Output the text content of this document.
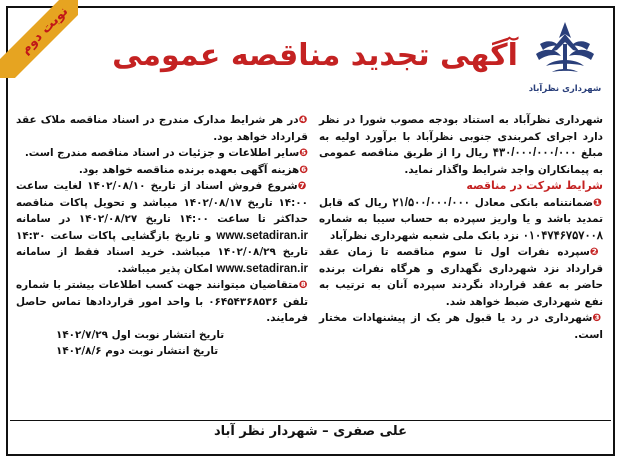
نوبت دوم
شهرداری نظرآباد
آگهی تجدید مناقصه عمومی

شهرداری نظرآباد به استناد بودجه مصوب شورا در نظر دارد اجرای کمربندی جنوبی نظرآباد با برآورد اولیه به مبلغ ۴۳۰/۰۰۰/۰۰۰/۰۰۰ ریال را از طریق مناقصه عمومی به پیمانکاران واجد شرایط واگذار نماید.

شرایط شرکت در مناقصه

❶ضمانتنامه بانکی معادل ۲۱/۵۰۰/۰۰۰/۰۰۰ ریال که قابل تمدید باشد و یا واریز سپرده به حساب سیبا به شماره ۰۱۰۴۷۴۶۷۵۷۰۰۸ نزد بانک ملی شعبه شهرداری نظرآباد

❷سپرده نفرات اول تا سوم مناقصه تا زمان عقد قرارداد نزد شهرداری نگهداری و هرگاه نفرات برنده حاضر به عقد قرارداد نگردند سپرده آنان به ترتیب به نفع شهرداری ضبط خواهد شد.

❸شهرداری در رد یا قبول هر یک از پیشنهادات مختار است.

❹در هر شرایط مدارک مندرج در اسناد مناقصه ملاک عقد قرارداد خواهد بود.

❺سایر اطلاعات و جزئیات در اسناد مناقصه مندرج است.

❻هزینه آگهی بعهده برنده مناقصه خواهد بود.

❼شروع فروش اسناد از تاریخ ۱۴۰۲/۰۸/۱۰ لغایت ساعت ۱۴:۰۰ تاریخ ۱۴۰۲/۰۸/۱۷ میباشد و تحویل پاکات مناقصه حداکثر تا ساعت ۱۴:۰۰ تاریخ ۱۴۰۲/۰۸/۲۷ در سامانه www.setadiran.ir و تاریخ بازگشایی پاکات ساعت ۱۴:۳۰ تاریخ ۱۴۰۲/۰۸/۲۹ میباشد. خرید اسناد فقط از سامانه www.setadiran.ir امکان پذیر میباشد.

❽متقاضیان میتوانند جهت کسب اطلاعات بیشتر با شماره تلفن ۰۶۴۵۴۳۶۸۵۳۶ با واحد امور قراردادها تماس حاصل فرمایند.

تاریخ انتشار نوبت اول ۱۴۰۲/۷/۲۹
تاریخ انتشار نوبت دوم ۱۴۰۲/۸/۶

علی صفری – شهردار نظر آباد
